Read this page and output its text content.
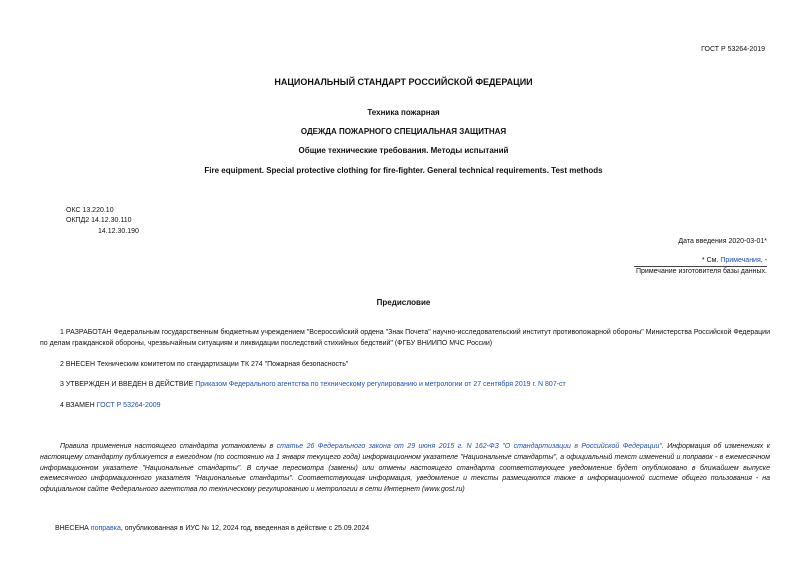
ГОСТ Р 53264-2019
НАЦИОНАЛЬНЫЙ СТАНДАРТ РОССИЙСКОЙ ФЕДЕРАЦИИ
Техника пожарная
ОДЕЖДА ПОЖАРНОГО СПЕЦИАЛЬНАЯ ЗАЩИТНАЯ
Общие технические требования. Методы испытаний
Fire equipment. Special protective clothing for fire-fighter. General technical requirements. Test methods
ОКС 13.220.10
ОКПД2 14.12.30.110
14.12.30.190
Дата введения 2020-03-01*
* См. Примечания. -
Примечание изготовителя базы данных.
Предисловие
1 РАЗРАБОТАН Федеральным государственным бюджетным учреждением "Всероссийский ордена "Знак Почета" научно-исследовательский институт противопожарной обороны" Министерства Российской Федерации по делам гражданской обороны, чрезвычайным ситуациям и ликвидации последствий стихийных бедствий" (ФГБУ ВНИИПО МЧС России)
2 ВНЕСЕН Техническим комитетом по стандартизации ТК 274 "Пожарная безопасность"
3 УТВЕРЖДЕН И ВВЕДЕН В ДЕЙСТВИЕ Приказом Федерального агентства по техническому регулированию и метрологии от 27 сентября 2019 г. N 807-ст
4 ВЗАМЕН ГОСТ Р 53264-2009
Правила применения настоящего стандарта установлены в статье 26 Федерального закона от 29 июня 2015 г. N 162-ФЗ "О стандартизации в Российской Федерации". Информация об изменениях к настоящему стандарту публикуется в ежегодном (по состоянию на 1 января текущего года) информационном указателе "Национальные стандарты", а официальный текст изменений и поправок - в ежемесячном информационном указателе "Национальные стандарты". В случае пересмотра (замены) или отмены настоящего стандарта соответствующее уведомление будет опубликовано в ближайшем выпуске ежемесячного информационного указателя "Национальные стандарты". Соответствующая информация, уведомление и тексты размещаются также в информационной системе общего пользования - на официальном сайте Федерального агентства по техническому регулированию и метрологии в сети Интернет (www.gost.ru)
ВНЕСЕНА поправка, опубликованная в ИУС № 12, 2024 год, введенная в действие с 25.09.2024
